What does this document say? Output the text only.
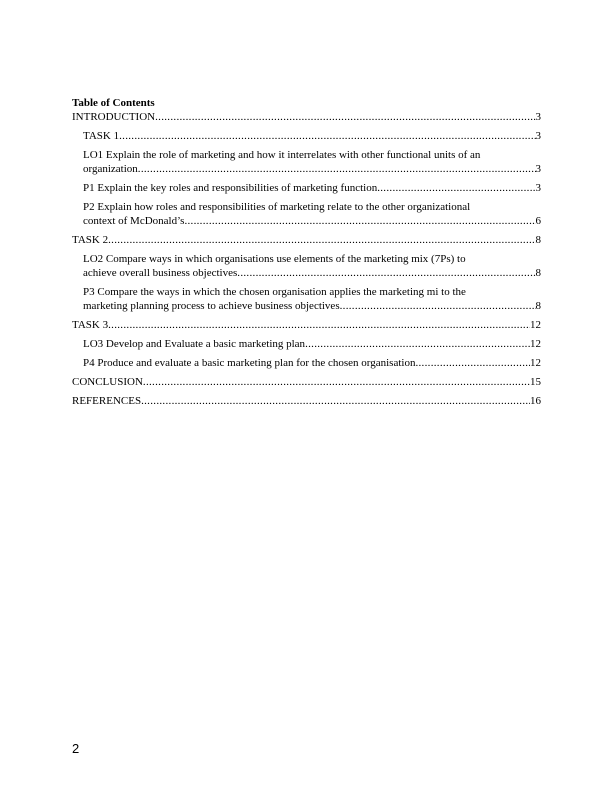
Table of Contents
INTRODUCTION .....	3
TASK 1 .....	3
LO1 Explain the role of marketing and how it interrelates with other functional units of an
organization .....	3
P1 Explain the key roles and responsibilities of marketing function .....	3
P2 Explain how roles and responsibilities of marketing relate to the other organizational
context of McDonald’s .....	6
TASK 2 .....	8
LO2 Compare ways in which organisations use elements of the marketing mix (7Ps) to
achieve overall business objectives .....	8
P3 Compare the ways in which the chosen organisation applies the marketing mi to the
marketing planning process to achieve business objectives .....	8
TASK 3 .....	12
LO3 Develop and Evaluate a basic marketing plan .....	12
P4 Produce and evaluate a basic marketing plan for the chosen organisation .....	12
CONCLUSION .....	15
REFERENCES .....	16
2
